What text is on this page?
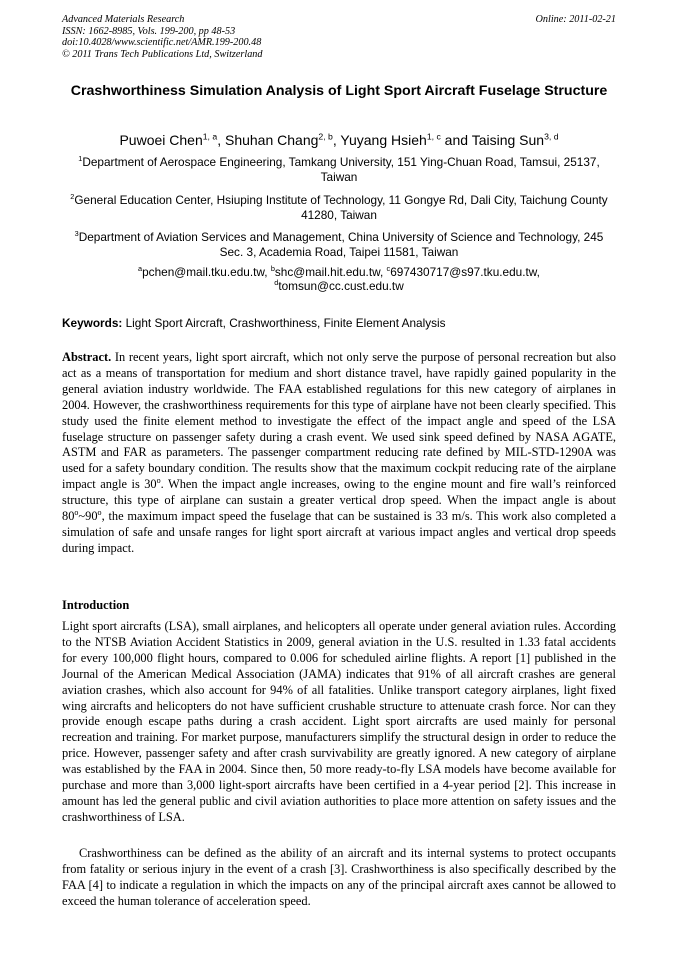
Advanced Materials Research
ISSN: 1662-8985, Vols. 199-200, pp 48-53
doi:10.4028/www.scientific.net/AMR.199-200.48
© 2011 Trans Tech Publications Ltd, Switzerland
Online: 2011-02-21
Crashworthiness Simulation Analysis of Light Sport Aircraft Fuselage Structure
Puwoei Chen$^{1, a}$, Shuhan Chang$^{2, b}$, Yuyang Hsieh$^{1, c}$ and Taising Sun$^{3, d}$
$^1$Department of Aerospace Engineering, Tamkang University, 151 Ying-Chuan Road, Tamsui, 25137, Taiwan
$^2$General Education Center, Hsiuping Institute of Technology, 11 Gongye Rd, Dali City, Taichung County 41280, Taiwan
$^3$Department of Aviation Services and Management, China University of Science and Technology, 245 Sec. 3, Academia Road, Taipei 11581, Taiwan
$^a$pchen@mail.tku.edu.tw, $^b$shc@mail.hit.edu.tw, $^c$697430717@s97.tku.edu.tw,
$^d$tomsun@cc.cust.edu.tw
Keywords: Light Sport Aircraft, Crashworthiness, Finite Element Analysis
Abstract. In recent years, light sport aircraft, which not only serve the purpose of personal recreation but also act as a means of transportation for medium and short distance travel, have rapidly gained popularity in the general aviation industry worldwide. The FAA established regulations for this new category of airplanes in 2004. However, the crashworthiness requirements for this type of airplane have not been clearly specified. This study used the finite element method to investigate the effect of the impact angle and speed of the LSA fuselage structure on passenger safety during a crash event. We used sink speed defined by NASA AGATE, ASTM and FAR as parameters. The passenger compartment reducing rate defined by MIL-STD-1290A was used for a safety boundary condition. The results show that the maximum cockpit reducing rate of the airplane impact angle is 30$^o$. When the impact angle increases, owing to the engine mount and fire wall’s reinforced structure, this type of airplane can sustain a greater vertical drop speed. When the impact angle is about 80$^o$~90$^o$, the maximum impact speed the fuselage that can be sustained is 33 m/s. This work also completed a simulation of safe and unsafe ranges for light sport aircraft at various impact angles and vertical drop speeds during impact.
Introduction
Light sport aircrafts (LSA), small airplanes, and helicopters all operate under general aviation rules. According to the NTSB Aviation Accident Statistics in 2009, general aviation in the U.S. resulted in 1.33 fatal accidents for every 100,000 flight hours, compared to 0.006 for scheduled airline flights. A report [1] published in the Journal of the American Medical Association (JAMA) indicates that 91% of all aircraft crashes are general aviation crashes, which also account for 94% of all fatalities. Unlike transport category airplanes, light fixed wing aircrafts and helicopters do not have sufficient crushable structure to attenuate crash force. Nor can they provide enough escape paths during a crash accident. Light sport aircrafts are used mainly for personal recreation and training. For market purpose, manufacturers simplify the structural design in order to reduce the price. However, passenger safety and after crash survivability are greatly ignored. A new category of airplane was established by the FAA in 2004. Since then, 50 more ready-to-fly LSA models have become available for purchase and more than 3,000 light-sport aircrafts have been certified in a 4-year period [2]. This increase in amount has led the general public and civil aviation authorities to place more attention on safety issues and the crashworthiness of LSA.
Crashworthiness can be defined as the ability of an aircraft and its internal systems to protect occupants from fatality or serious injury in the event of a crash [3]. Crashworthiness is also specifically described by the FAA [4] to indicate a regulation in which the impacts on any of the principal aircraft axes cannot be allowed to exceed the human tolerance of acceleration speed.
